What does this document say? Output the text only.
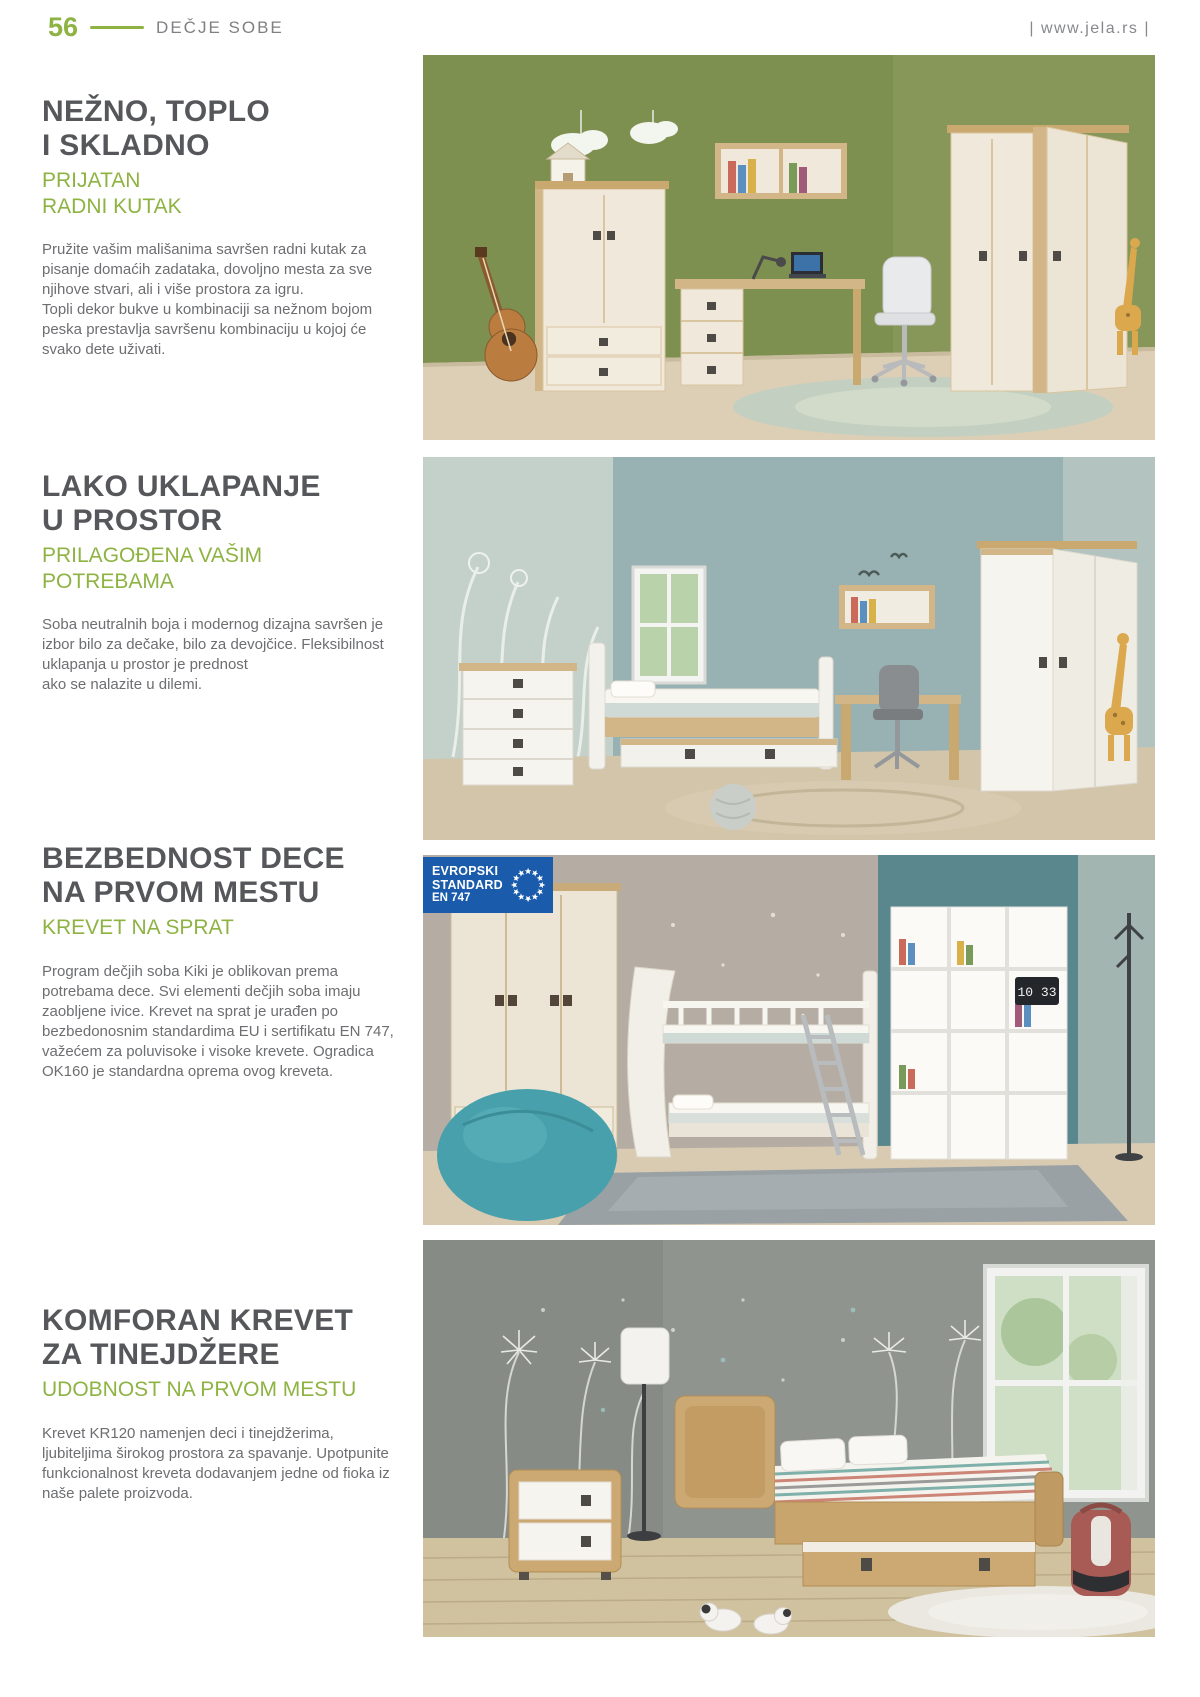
56	DEČJE SOBE	| www.jela.rs |
NEŽNO, TOPLO
I SKLADNO
PRIJATAN
RADNI KUTAK

Pružite vašim mališanima savršen radni kutak za pisanje domaćih zadataka, dovoljno mesta za sve njihove stvari, ali i više prostora za igru.

Topli dekor bukve u kombinaciji sa nežnom bojom peska prestavlja savršenu kombinaciju u kojoj će svako dete uživati.

LAKO UKLAPANJE
U PROSTOR
PRILAGOĐENA VAŠIM
POTREBAMA

Soba neutralnih boja i modernog dizajna savršen je izbor bilo za dečake, bilo za devojčice. Fleksibilnost uklapanja u prostor je prednost

ako se nalazite u dilemi.

BEZBEDNOST DECE
NA PRVOM MESTU
KREVET NA SPRAT

Program dečjih soba Kiki je oblikovan prema potrebama dece. Svi elementi dečjih soba imaju zaobljene ivice. Krevet na sprat je urađen po bezbedonosnim standardima EU i sertifikatu EN 747, važećem za poluvisoke i visoke krevete. Ogradica OK160 je standardna oprema ovog kreveta.

KOMFORAN KREVET
ZA TINEJDŽERE
UDOBNOST NA PRVOM MESTU

Krevet KR120 namenjen deci i tinejdžerima, ljubiteljima širokog prostora za spavanje. Upotpunite funkcionalnost kreveta dodavanjem jedne od fioka iz naše palete proizvoda.

10 33
EVROPSKI
STANDARD
EN 747
